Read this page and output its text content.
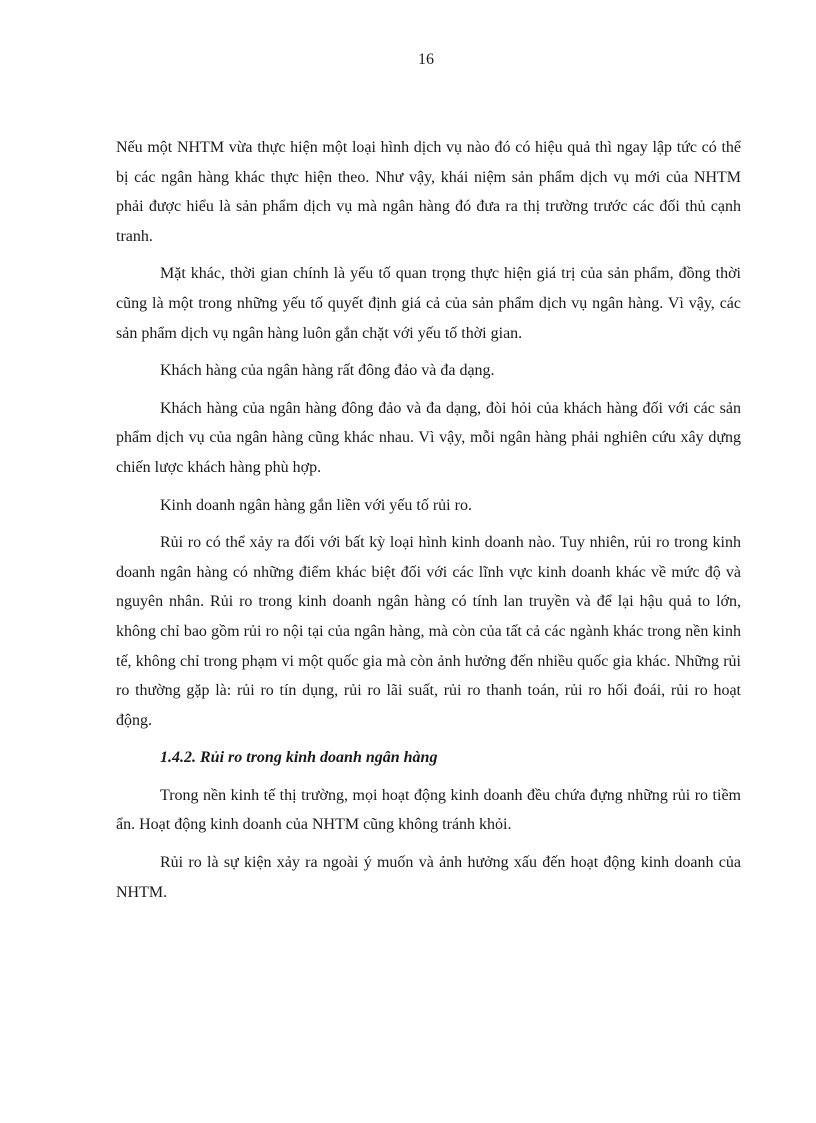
16

Nếu một NHTM vừa thực hiện một loại hình dịch vụ nào đó có hiệu quả thì ngay lập tức có thể bị các ngân hàng khác thực hiện theo. Như vậy, khái niệm sản phẩm dịch vụ mới của NHTM phải được hiểu là sản phẩm dịch vụ mà ngân hàng đó đưa ra thị trường trước các đối thủ cạnh tranh.

Mặt khác, thời gian chính là yếu tố quan trọng thực hiện giá trị của sản phẩm, đồng thời cũng là một trong những yếu tố quyết định giá cả của sản phẩm dịch vụ ngân hàng. Vì vậy, các sản phẩm dịch vụ ngân hàng luôn gắn chặt với yếu tố thời gian.

Khách hàng của ngân hàng rất đông đảo và đa dạng.

Khách hàng của ngân hàng đông đảo và đa dạng, đòi hỏi của khách hàng đối với các sản phẩm dịch vụ của ngân hàng cũng khác nhau. Vì vậy, mỗi ngân hàng phải nghiên cứu xây dựng chiến lược khách hàng phù hợp.

Kinh doanh ngân hàng gắn liền với yếu tố rủi ro.

Rủi ro có thể xảy ra đối với bất kỳ loại hình kinh doanh nào. Tuy nhiên, rủi ro trong kinh doanh ngân hàng có những điểm khác biệt đối với các lĩnh vực kinh doanh khác về mức độ và nguyên nhân. Rủi ro trong kinh doanh ngân hàng có tính lan truyền và để lại hậu quả to lớn, không chỉ bao gồm rủi ro nội tại của ngân hàng, mà còn của tất cả các ngành khác trong nền kinh tế, không chỉ trong phạm vi một quốc gia mà còn ảnh hưởng đến nhiều quốc gia khác. Những rủi ro thường gặp là: rủi ro tín dụng, rủi ro lãi suất, rủi ro thanh toán, rủi ro hối đoái, rủi ro hoạt động.

1.4.2. Rủi ro trong kinh doanh ngân hàng

Trong nền kinh tế thị trường, mọi hoạt động kinh doanh đều chứa đựng những rủi ro tiềm ẩn. Hoạt động kinh doanh của NHTM cũng không tránh khỏi.

Rủi ro là sự kiện xảy ra ngoài ý muốn và ảnh hưởng xấu đến hoạt động kinh doanh của NHTM.
